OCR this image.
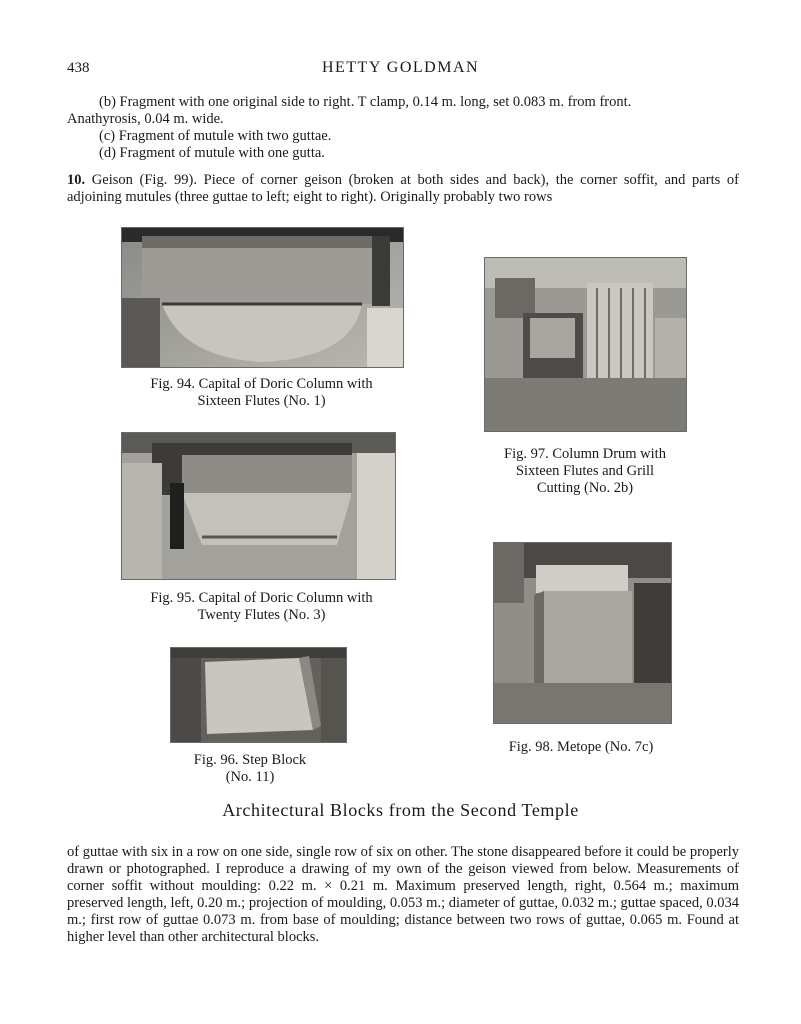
438	HETTY GOLDMAN
(b) Fragment with one original side to right. T clamp, 0.14 m. long, set 0.083 m. from front.
Anathyrosis, 0.04 m. wide.
(c) Fragment of mutule with two guttae.
(d) Fragment of mutule with one gutta.
10. Geison (Fig. 99). Piece of corner geison (broken at both sides and back), the corner soffit, and parts of adjoining mutules (three guttae to left; eight to right). Originally probably two rows
Fig. 94. Capital of Doric Column with
Sixteen Flutes (No. 1)
Fig. 97. Column Drum with
Sixteen Flutes and Grill
Cutting (No. 2b)
Fig. 95. Capital of Doric Column with
Twenty Flutes (No. 3)
Fig. 98. Metope (No. 7c)
Fig. 96. Step Block
(No. 11)
Architectural Blocks from the Second Temple
of guttae with six in a row on one side, single row of six on other. The stone disappeared before it could be properly drawn or photographed. I reproduce a drawing of my own of the geison viewed from below. Measurements of corner soffit without moulding: 0.22 m. × 0.21 m. Maximum preserved length, right, 0.564 m.; maximum preserved length, left, 0.20 m.; projection of moulding, 0.053 m.; diameter of guttae, 0.032 m.; guttae spaced, 0.034 m.; first row of guttae 0.073 m. from base of moulding; distance between two rows of guttae, 0.065 m. Found at higher level than other architectural blocks.
